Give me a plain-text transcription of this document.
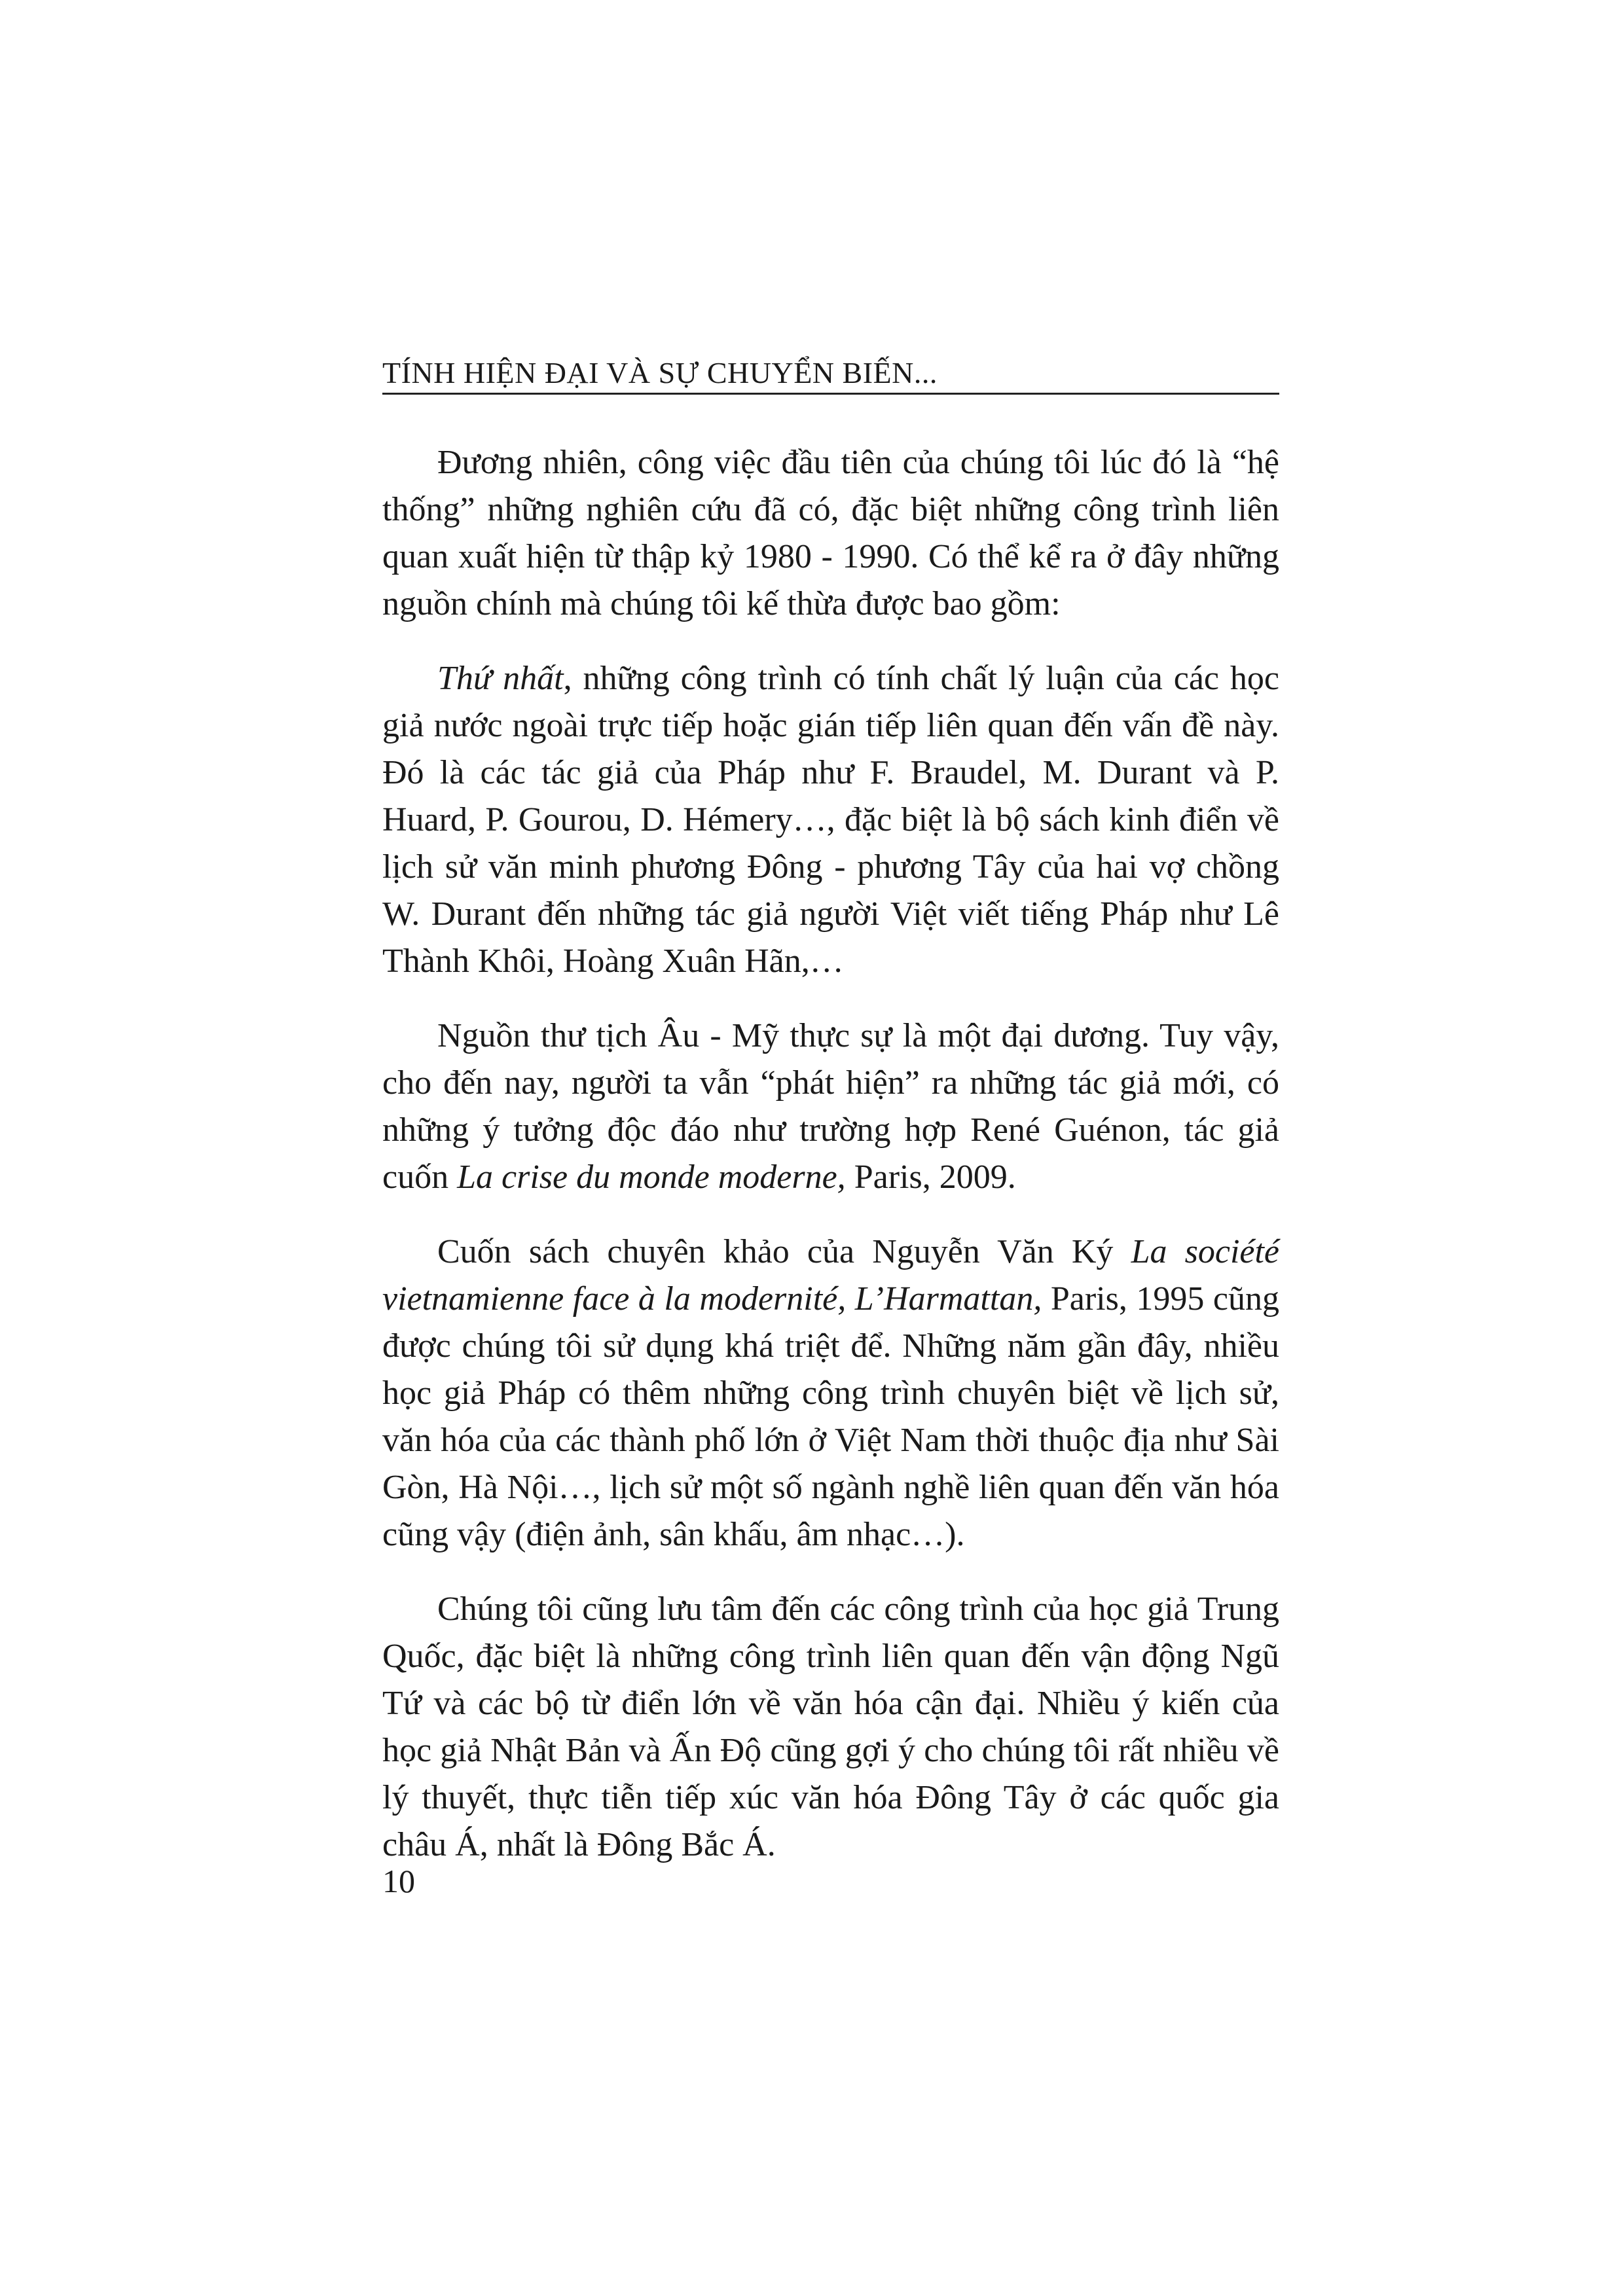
TÍNH HIỆN ĐẠI VÀ SỰ CHUYỂN BIẾN...

Đương nhiên, công việc đầu tiên của chúng tôi lúc đó là “hệ thống” những nghiên cứu đã có, đặc biệt những công trình liên quan xuất hiện từ thập kỷ 1980 - 1990. Có thể kể ra ở đây những nguồn chính mà chúng tôi kế thừa được bao gồm:

Thứ nhất, những công trình có tính chất lý luận của các học giả nước ngoài trực tiếp hoặc gián tiếp liên quan đến vấn đề này. Đó là các tác giả của Pháp như F. Braudel, M. Durant và P. Huard, P. Gourou, D. Hémery…, đặc biệt là bộ sách kinh điển về lịch sử văn minh phương Đông - phương Tây của hai vợ chồng W. Durant đến những tác giả người Việt viết tiếng Pháp như Lê Thành Khôi, Hoàng Xuân Hãn,…

Nguồn thư tịch Âu - Mỹ thực sự là một đại dương. Tuy vậy, cho đến nay, người ta vẫn “phát hiện” ra những tác giả mới, có những ý tưởng độc đáo như trường hợp René Guénon, tác giả cuốn La crise du monde moderne, Paris, 2009.

Cuốn sách chuyên khảo của Nguyễn Văn Ký La société vietnamienne face à la modernité, L’Harmattan, Paris, 1995 cũng được chúng tôi sử dụng khá triệt để. Những năm gần đây, nhiều học giả Pháp có thêm những công trình chuyên biệt về lịch sử, văn hóa của các thành phố lớn ở Việt Nam thời thuộc địa như Sài Gòn, Hà Nội…, lịch sử một số ngành nghề liên quan đến văn hóa cũng vậy (điện ảnh, sân khấu, âm nhạc…).

Chúng tôi cũng lưu tâm đến các công trình của học giả Trung Quốc, đặc biệt là những công trình liên quan đến vận động Ngũ Tứ và các bộ từ điển lớn về văn hóa cận đại. Nhiều ý kiến của học giả Nhật Bản và Ấn Độ cũng gợi ý cho chúng tôi rất nhiều về lý thuyết, thực tiễn tiếp xúc văn hóa Đông Tây ở các quốc gia châu Á, nhất là Đông Bắc Á.

10
